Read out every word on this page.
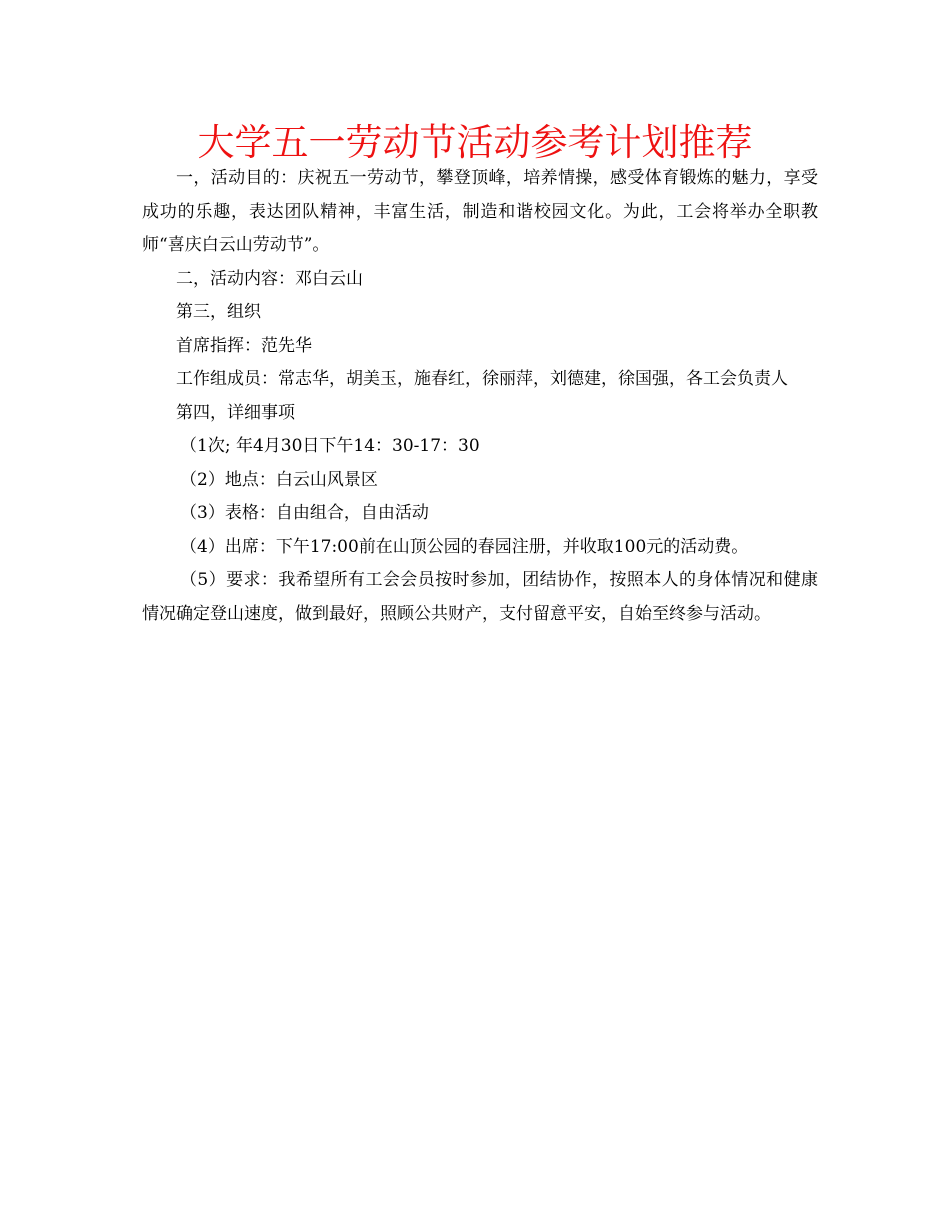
大学五一劳动节活动参考计划推荐

一，活动目的：庆祝五一劳动节，攀登顶峰，培养情操，感受体育锻炼的魅力，享受成功的乐趣，表达团队精神，丰富生活，制造和谐校园文化。为此，工会将举办全职教师“喜庆白云山劳动节”。

二，活动内容：邓白云山

第三，组织

首席指挥：范先华

工作组成员：常志华，胡美玉，施春红，徐丽萍，刘德建，徐国强，各工会负责人

第四，详细事项

（1次; 年4月30日下午14：30-17：30

（2）地点：白云山风景区

（3）表格：自由组合，自由活动

（4）出席：下午17:00前在山顶公园的春园注册，并收取100元的活动费。

（5）要求：我希望所有工会会员按时参加，团结协作，按照本人的身体情况和健康情况确定登山速度，做到最好，照顾公共财产，支付留意平安，自始至终参与活动。
